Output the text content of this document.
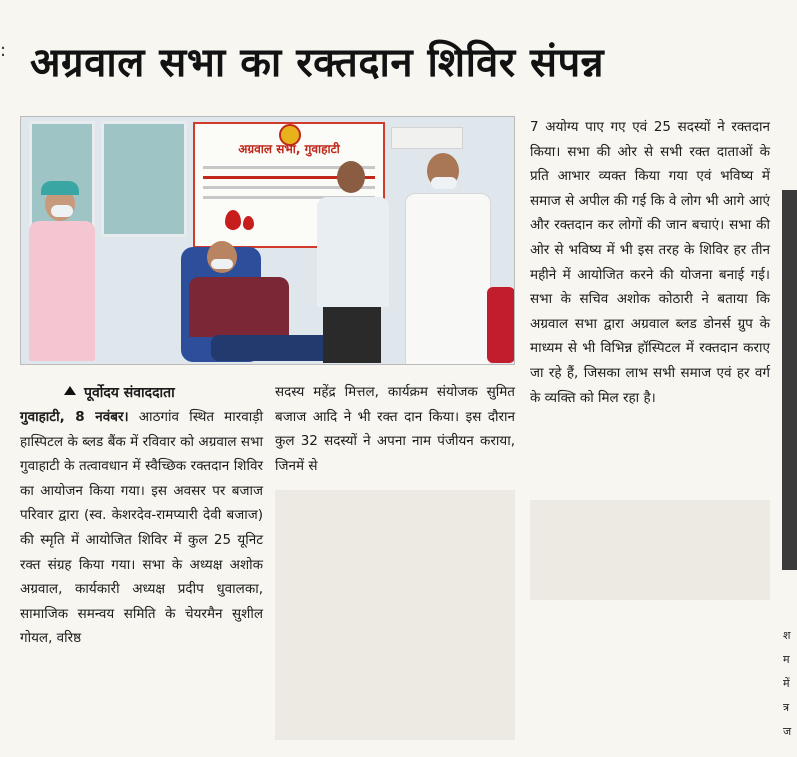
: अग्रवाल सभा का रक्तदान शिविर संपन्न
अग्रवाल सभा, गुवाहाटी
पूर्वोदय संवाददाता

गुवाहाटी, 8 नवंबर। आठगांव स्थित मारवाड़ी हास्पिटल के ब्लड बैंक में रविवार को अग्रवाल सभा गुवाहाटी के तत्वावधान में स्वैच्छिक रक्तदान शिविर का आयोजन किया गया। इस अवसर पर बजाज परिवार द्वारा (स्व. केशरदेव-रामप्यारी देवी बजाज) की स्मृति में आयोजित शिविर में कुल 25 यूनिट रक्त संग्रह किया गया। सभा के अध्यक्ष अशोक अग्रवाल, कार्यकारी अध्यक्ष प्रदीप धुवालका, सामाजिक समन्वय समिति के चेयरमैन सुशील गोयल, वरिष्ठ

सदस्य महेंद्र मित्तल, कार्यक्रम संयोजक सुमित बजाज आदि ने भी रक्त दान किया। इस दौरान कुल 32 सदस्यों ने अपना नाम पंजीयन कराया, जिनमें से

7 अयोग्य पाए गए एवं 25 सदस्यों ने रक्तदान किया। सभा की ओर से सभी रक्त दाताओं के प्रति आभार व्यक्त किया गया एवं भविष्य में समाज से अपील की गई कि वे लोग भी आगे आएं और रक्तदान कर लोगों की जान बचाएं। सभा की ओर से भविष्य में भी इस तरह के शिविर हर तीन महीने में आयोजित करने की योजना बनाई गई। सभा के सचिव अशोक कोठारी ने बताया कि अग्रवाल सभा द्वारा अग्रवाल ब्लड डोनर्स ग्रुप के माध्यम से भी विभिन्न हॉस्पिटल में रक्तदान कराए जा रहे हैं, जिसका लाभ सभी समाज एवं हर वर्ग के व्यक्ति को मिल रहा है।

श
म
में
त्र
ज
